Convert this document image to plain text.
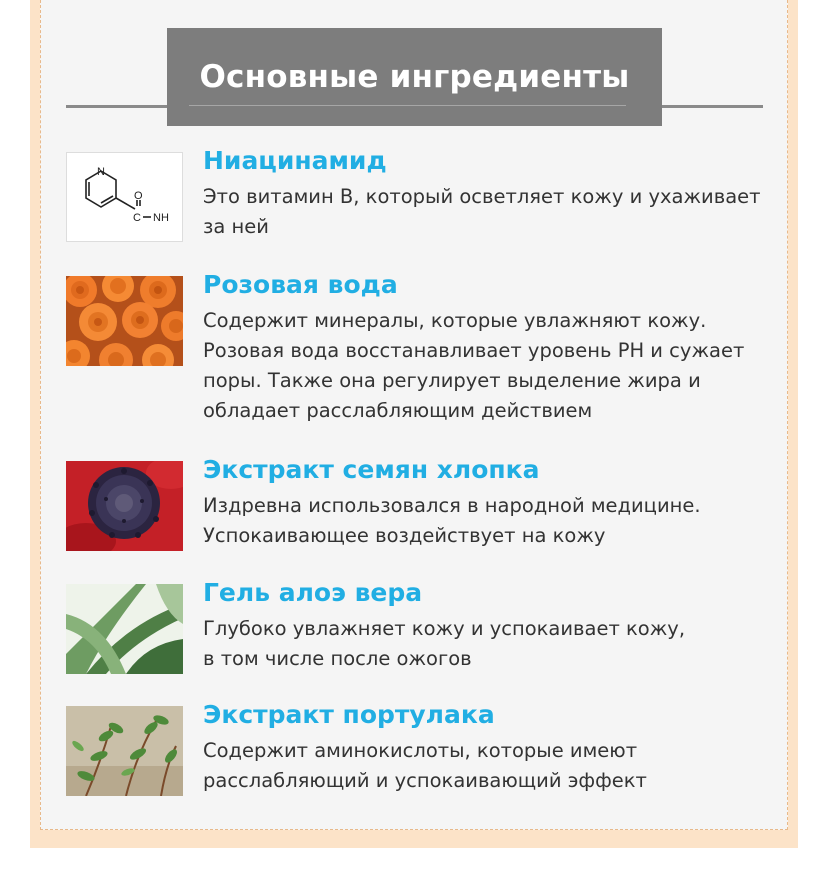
Основные ингредиенты
N
O
C NH
Ниацинамид
Это витамин B, который осветляет кожу и ухаживает
за ней
Розовая вода
Содержит минералы, которые увлажняют кожу.
Розовая вода восстанавливает уровень PH и сужает
поры. Также она регулирует выделение жира и
обладает расслабляющим действием
Экстракт семян хлопка
Издревна использовался в народной медицине.
Успокаивающее воздействует на кожу
Гель алоэ вера
Глубоко увлажняет кожу и успокаивает кожу,
в том числе после ожогов
Экстракт портулака
Содержит аминокислоты, которые имеют
расслабляющий и успокаивающий эффект
